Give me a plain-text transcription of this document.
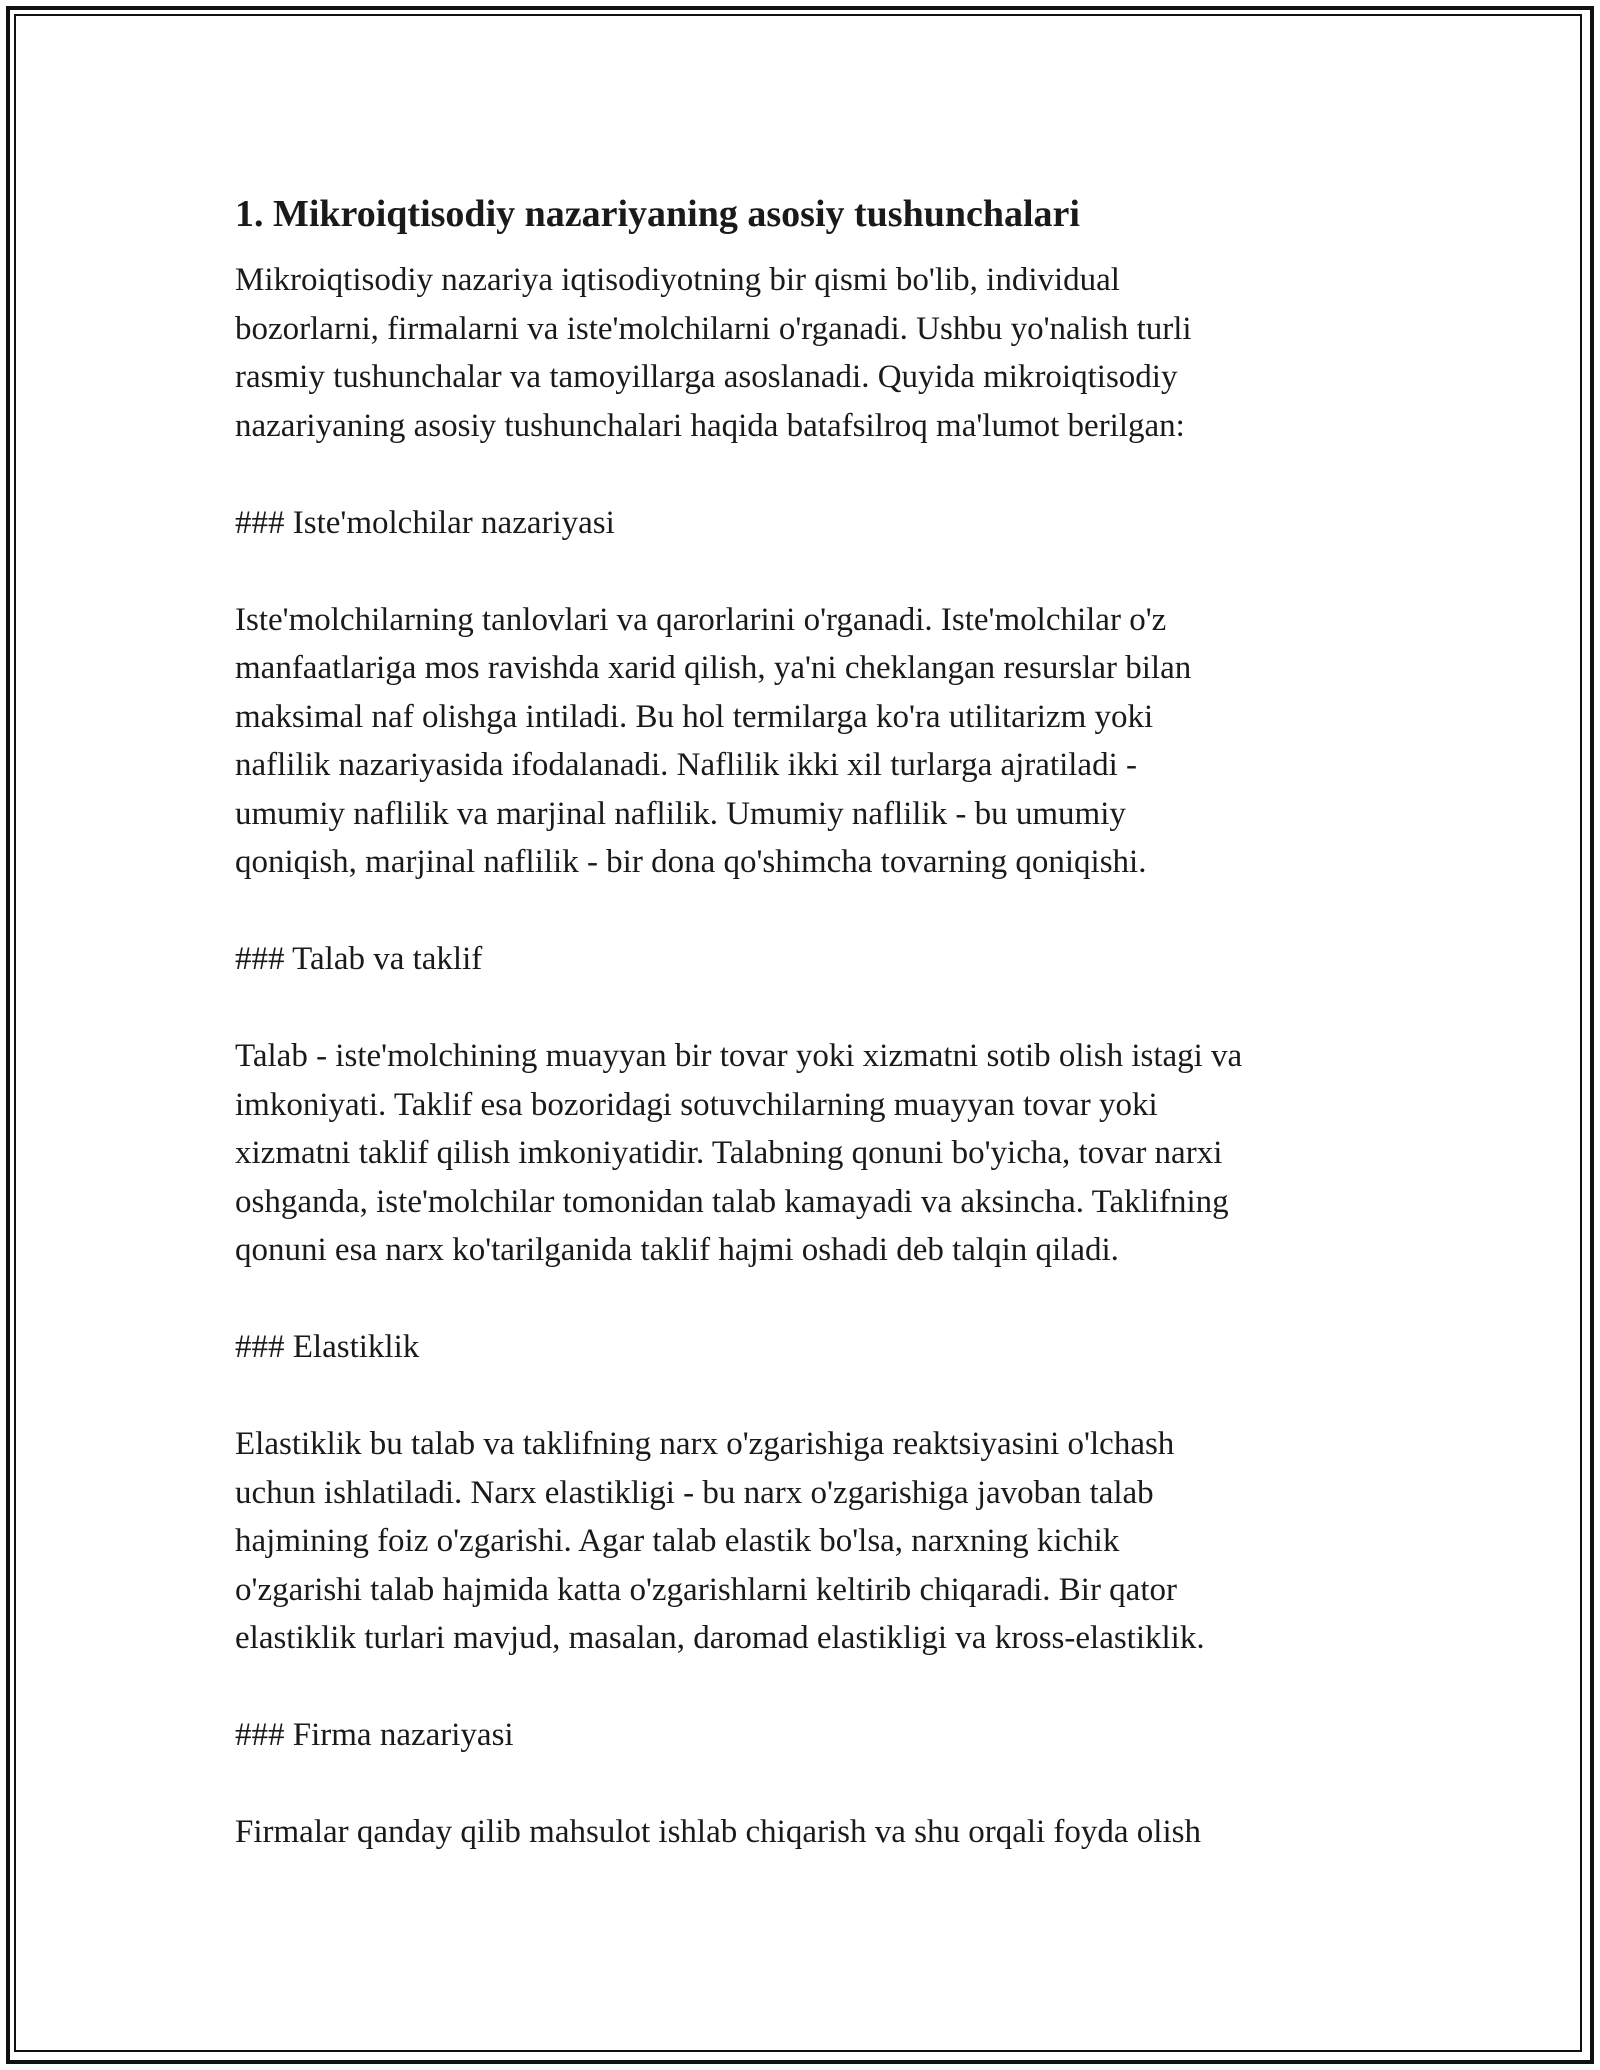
1. Mikroiqtisodiy nazariyaning asosiy tushunchalari

Mikroiqtisodiy nazariya iqtisodiyotning bir qismi bo'lib, individual
bozorlarni, firmalarni va iste'molchilarni o'rganadi. Ushbu yo'nalish turli
rasmiy tushunchalar va tamoyillarga asoslanadi. Quyida mikroiqtisodiy
nazariyaning asosiy tushunchalari haqida batafsilroq ma'lumot berilgan:

### Iste'molchilar nazariyasi

Iste'molchilarning tanlovlari va qarorlarini o'rganadi. Iste'molchilar o'z
manfaatlariga mos ravishda xarid qilish, ya'ni cheklangan resurslar bilan
maksimal naf olishga intiladi. Bu hol termilarga ko'ra utilitarizm yoki
naflilik nazariyasida ifodalanadi. Naflilik ikki xil turlarga ajratiladi -
umumiy naflilik va marjinal naflilik. Umumiy naflilik - bu umumiy
qoniqish, marjinal naflilik - bir dona qo'shimcha tovarning qoniqishi.

### Talab va taklif

Talab - iste'molchining muayyan bir tovar yoki xizmatni sotib olish istagi va
imkoniyati. Taklif esa bozoridagi sotuvchilarning muayyan tovar yoki
xizmatni taklif qilish imkoniyatidir. Talabning qonuni bo'yicha, tovar narxi
oshganda, iste'molchilar tomonidan talab kamayadi va aksincha. Taklifning
qonuni esa narx ko'tarilganida taklif hajmi oshadi deb talqin qiladi.

### Elastiklik

Elastiklik bu talab va taklifning narx o'zgarishiga reaktsiyasini o'lchash
uchun ishlatiladi. Narx elastikligi - bu narx o'zgarishiga javoban talab
hajmining foiz o'zgarishi. Agar talab elastik bo'lsa, narxning kichik
o'zgarishi talab hajmida katta o'zgarishlarni keltirib chiqaradi. Bir qator
elastiklik turlari mavjud, masalan, daromad elastikligi va kross-elastiklik.

### Firma nazariyasi

Firmalar qanday qilib mahsulot ishlab chiqarish va shu orqali foyda olish
